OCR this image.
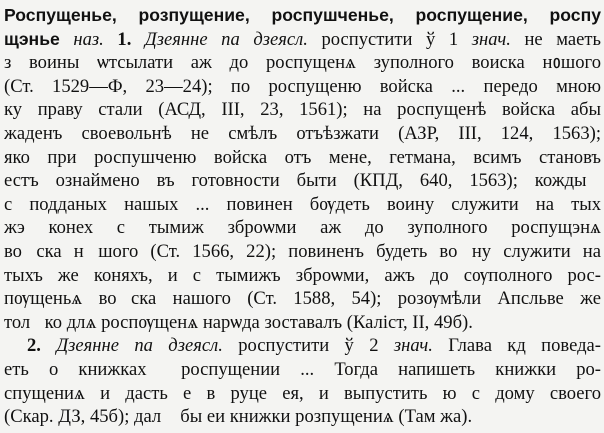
Роспущенье, розпущение, роспушченье, роспущение, роспу
щэнье наз. 1. Дзеянне па дзеясл. роспустити ў 1 знач. не маеть
з воины ѡтсылати аж до роспущенѧ зуполного воиска нᲂшого
(Ст. 1529—Ф, 23—24); по роспущеню войска ... передо мною
ку праву стали (АСД, III, 23, 1561); на роспущенѣ войска абы
жаденъ своевольнѣ не смѣлъ отъѣзжати (АЗР, III, 124, 1563);
яко при роспушченю войска отъ мене, гетмана, всимъ становъ
естъ ознаймено въ готовности быти (КПД, 640, 1563); кождыᷤ
с подданых нашых ... повинен бѹдеть воину служити на тых
жэ конех с тымиж зброѡми аж до зуполного роспущэнѧ
воᷤска нᲂшого (Ст. 1566, 22); повиненъ будеть воᷤну служити на
тыхъ же коняхъ, и с тымижъ зброѡми, ажъ до сѹполного рос-
пѹщеньѧ воᷤска нашого (Ст. 1588, 54); розѹмѣли Апсльве же
толᷤко длѧ роспѹщенѧ нарѡда зоставалъ (Каліст, II, 49б).
2. Дзеянне па дзеясл. роспустити ў 2 знач. Глава кд поведа-
еть о книжкахᷤ роспущении ... Тогда напишеть книжки ро-
спущениѧ и дасть е в руце ея, и выпустить ю с дому своего
(Скар. ДЗ, 45б); далᷤ бы еи книжки розпущениѧ (Там жа).
